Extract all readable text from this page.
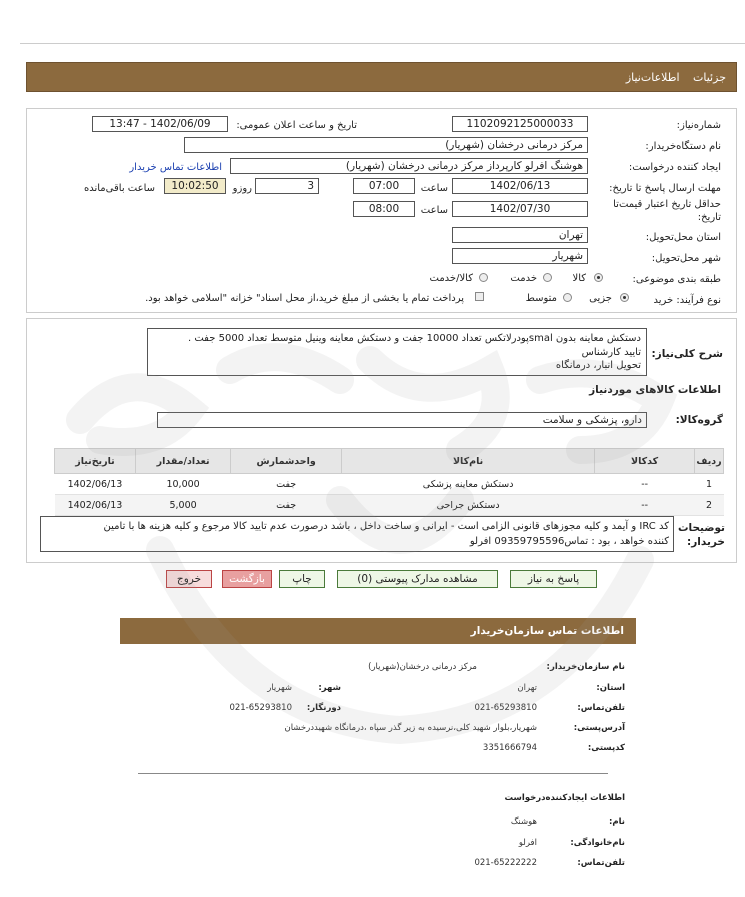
جزئیات اطلاعات‌نیاز
شماره‌نیاز:
1102092125000033
تاریخ و ساعت اعلان عمومی:
1402/06/09 - 13:47
نام دستگاه‌خریدار:
مرکز درمانی درخشان (شهریار)
ایجاد کننده درخواست:
هوشنگ افرلو کارپرداز مرکز درمانی درخشان (شهریار)
اطلاعات تماس خریدار
مهلت ارسال پاسخ تا تاریخ:
1402/06/13
ساعت
07:00
3
روزو
10:02:50
ساعت باقی‌مانده
حداقل تاریخ اعتبار قیمت‌تا
تاریخ:
1402/07/30
ساعت
08:00
استان محل‌تحویل:
تهران
شهر محل‌تحویل:
شهریار
طبقه بندی موضوعی:
کالا
خدمت
کالا/خدمت
نوع فرآیند: خرید
جزیی
متوسط
پرداخت تمام یا بخشی از مبلغ خرید،از محل اسناد" خزانه "اسلامی خواهد بود.
شرح کلی‌نیاز:
دستکش معاینه بدون smalپودرلاتکس تعداد 10000 جفت و دستکش معاینه وینیل متوسط تعداد 5000 جفت .
تایید کارشناس
تحویل انبار، درمانگاه
اطلاعات کالاهای موردنیاز
گروه‌کالا:
دارو، پزشکی و سلامت
ردیف	کدکالا	نام‌کالا	واحدشمارش	تعداد/مقدار	تاریخ‌نیاز
1	--	دستکش معاینه پزشکی	جفت	10,000	1402/06/13
2	--	دستکش جراحی	جفت	5,000	1402/06/13
توضیحات
خریدار:
کد IRC و آیمد و کلیه مجوزهای قانونی الزامی است - ایرانی و ساخت داخل ، باشد درصورت عدم تایید کالا مرجوع و کلیه هزینه ها با تامین
کننده خواهد ، بود : تماس09359795596 افرلو
پاسخ به نیاز
مشاهده مدارک پیوستی (0)
چاپ
بازگشت
خروج
اطلاعات تماس سازمان‌خریدار
نام سازمان‌خریدار:
مرکز درمانی درخشان(شهریار)
استان:
تهران
شهر:
شهریار
تلفن‌تماس:
021-65293810
دورنگار:
021-65293810
آدرس‌پستی:
شهریار،بلوار شهید کلی،نرسیده به زیر گذر سپاه ،درمانگاه شهید‌درخشان
کدپستی:
3351666794
اطلاعات ایجاد‌کننده‌درخواست
نام:
هوشنگ
نام‌خانوادگی:
افرلو
تلفن‌تماس:
021-65222222
